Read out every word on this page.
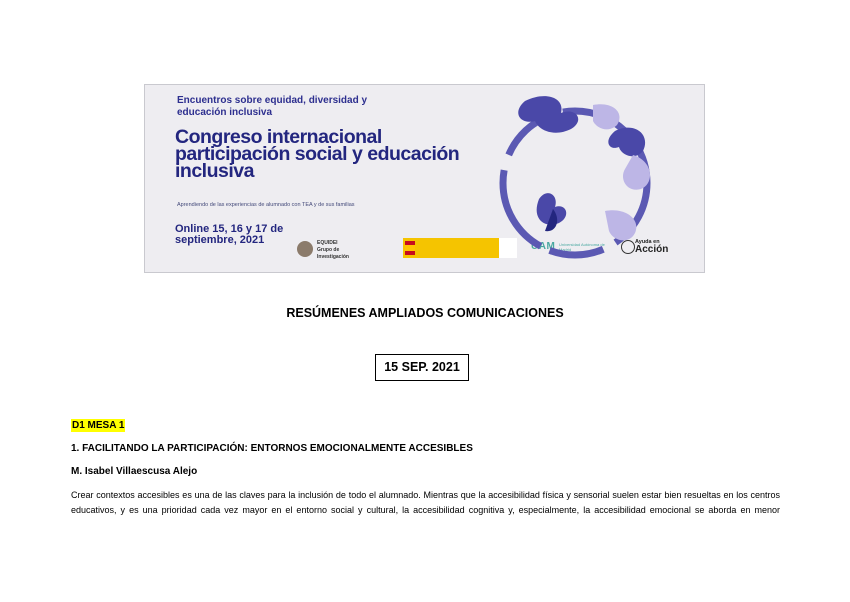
Encuentros sobre equidad, diversidad y educación inclusiva
Congreso internacional participación social y educación inclusiva
Aprendiendo de las experiencias de alumnado con TEA y de sus familias
Online 15, 16 y 17 de septiembre, 2021	EQUIDEI
Grupo de Investigación
UAM Universidad Autónoma de Madrid
Ayuda en
Acción
RESÚMENES AMPLIADOS COMUNICACIONES
15 SEP. 2021
D1 MESA 1
1. FACILITANDO LA PARTICIPACIÓN: ENTORNOS EMOCIONALMENTE ACCESIBLES
M. Isabel Villaescusa Alejo
Crear contextos accesibles es una de las claves para la inclusión de todo el alumnado. Mientras que la accesibilidad física y sensorial suelen estar bien resueltas en los centros educativos, y es una prioridad cada vez mayor en el entorno social y cultural, la accesibilidad cognitiva y, especialmente, la accesibilidad emocional se aborda en menor
